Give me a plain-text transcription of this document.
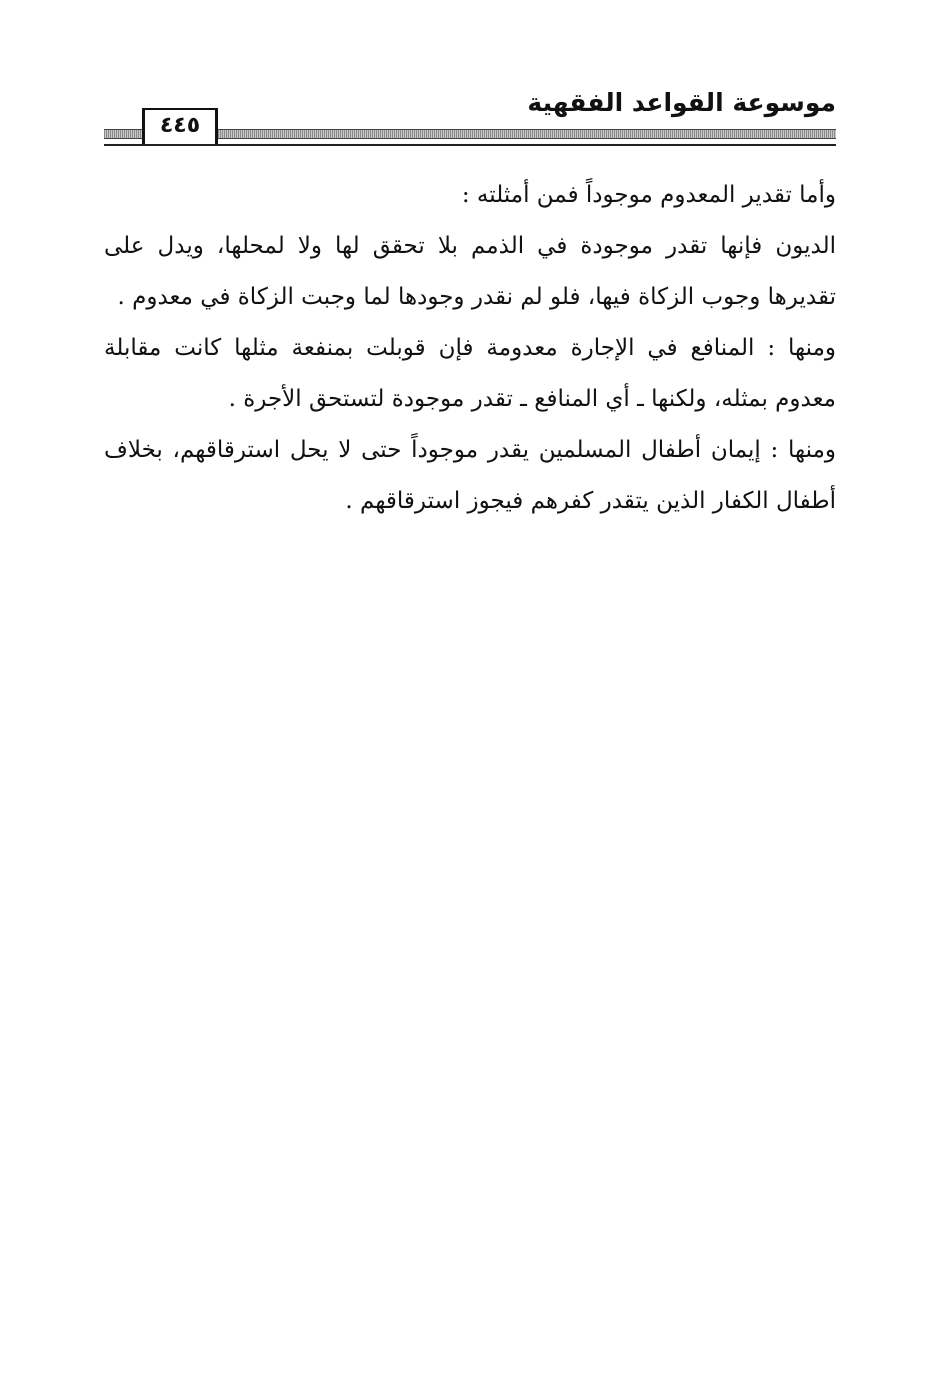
موسوعة القواعد الفقهية
٤٤٥

وأما تقدير المعدوم موجوداً فمن أمثلته :

الديون فإنها تقدر موجودة في الذمم بلا تحقق لها ولا لمحلها، ويدل على تقديرها وجوب الزكاة فيها، فلو لم نقدر وجودها لما وجبت الزكاة في معدوم .

ومنها : المنافع في الإجارة معدومة فإن قوبلت بمنفعة مثلها كانت مقابلة معدوم بمثله، ولكنها ـ أي المنافع ـ تقدر موجودة لتستحق الأجرة .

ومنها : إيمان أطفال المسلمين يقدر موجوداً حتى لا يحل استرقاقهم، بخلاف أطفال الكفار الذين يتقدر كفرهم فيجوز استرقاقهم .
